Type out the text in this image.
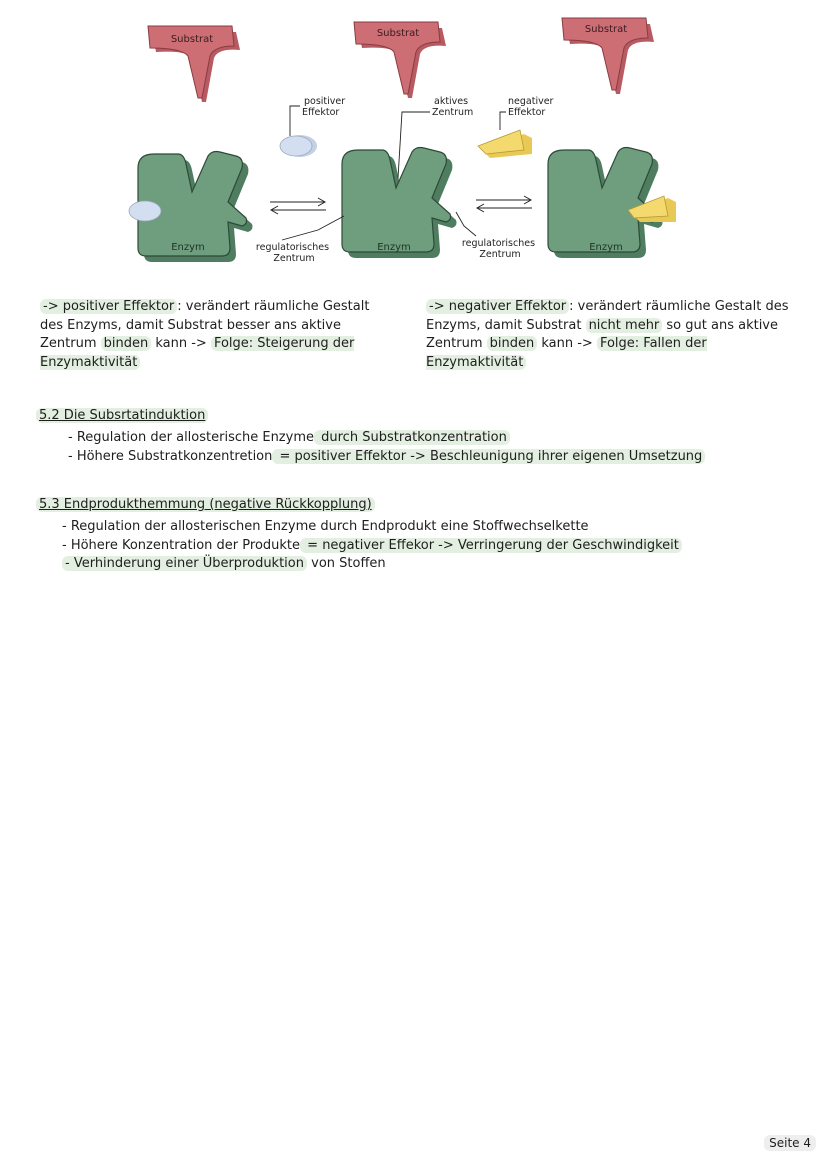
Substrat
Substrat	Substrat
Enzym	Enzym	Enzym
positiver Effektor
aktives Zentrum
negativer Effektor
regulatorisches Zentrum
regulatorisches Zentrum
-> positiver Effektor : verändert räumliche Gestalt des Enzyms, damit Substrat besser ans aktive Zentrum binden kann -> Folge: Steigerung der Enzymaktivität
-> negativer Effektor : verändert räumliche Gestalt des Enzyms, damit Substrat nicht mehr so gut ans aktive Zentrum binden kann -> Folge: Fallen der Enzymaktivität
5.2 Die Subsrtatinduktion
- Regulation der allosterische Enzyme durch Substratkonzentration
- Höhere Substratkonzentretion = positiver Effektor -> Beschleunigung ihrer eigenen Umsetzung
5.3 Endprodukthemmung (negative Rückkopplung)
- Regulation der allosterischen Enzyme durch Endprodukt eine Stoffwechselkette
- Höhere Konzentration der Produkte = negativer Effekor -> Verringerung der Geschwindigkeit
- Verhinderung einer Überproduktion von Stoffen
Seite 4
